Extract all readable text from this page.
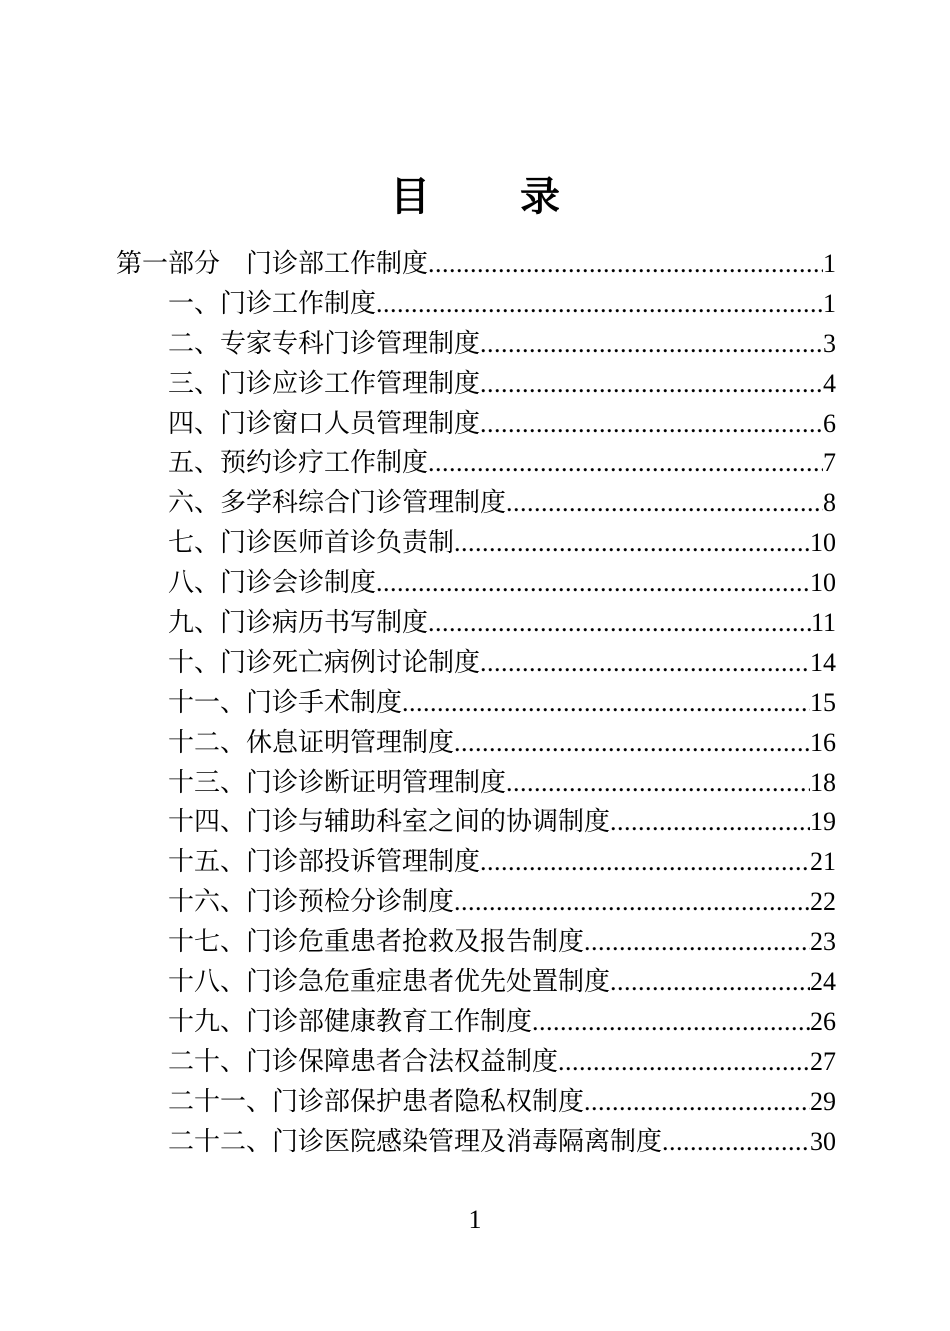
目 录
第一部分　门诊部工作制度 .....	1
一、门诊工作制度 .....	1
二、专家专科门诊管理制度 .....	3
三、门诊应诊工作管理制度 .....	4
四、门诊窗口人员管理制度 .....	6
五、预约诊疗工作制度 .....	7
六、多学科综合门诊管理制度 .....	8
七、门诊医师首诊负责制 .....	10
八、门诊会诊制度 .....	10
九、门诊病历书写制度 .....	11
十、门诊死亡病例讨论制度 .....	14
十一、门诊手术制度 .....	15
十二、休息证明管理制度 .....	16
十三、门诊诊断证明管理制度 .....	18
十四、门诊与辅助科室之间的协调制度 .....	19
十五、门诊部投诉管理制度 .....	21
十六、门诊预检分诊制度 .....	22
十七、门诊危重患者抢救及报告制度 .....	23
十八、门诊急危重症患者优先处置制度 .....	24
十九、门诊部健康教育工作制度 .....	26
二十、门诊保障患者合法权益制度 .....	27
二十一、门诊部保护患者隐私权制度 .....	29
二十二、门诊医院感染管理及消毒隔离制度 .....	30
1
